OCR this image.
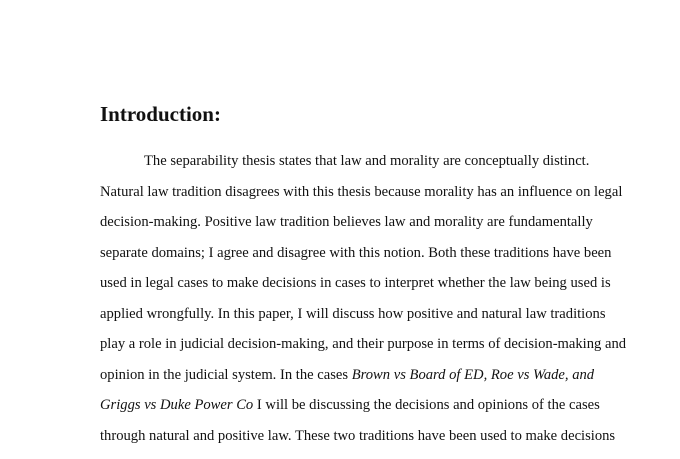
Introduction:
The separability thesis states that law and morality are conceptually distinct.
Natural law tradition disagrees with this thesis because morality has an influence on legal
decision-making. Positive law tradition believes law and morality are fundamentally
separate domains; I agree and disagree with this notion. Both these traditions have been
used in legal cases to make decisions in cases to interpret whether the law being used is
applied wrongfully. In this paper, I will discuss how positive and natural law traditions
play a role in judicial decision-making, and their purpose in terms of decision-making and
opinion in the judicial system. In the cases Brown vs Board of ED, Roe vs Wade, and
Griggs vs Duke Power Co I will be discussing the decisions and opinions of the cases
through natural and positive law. These two traditions have been used to make decisions
